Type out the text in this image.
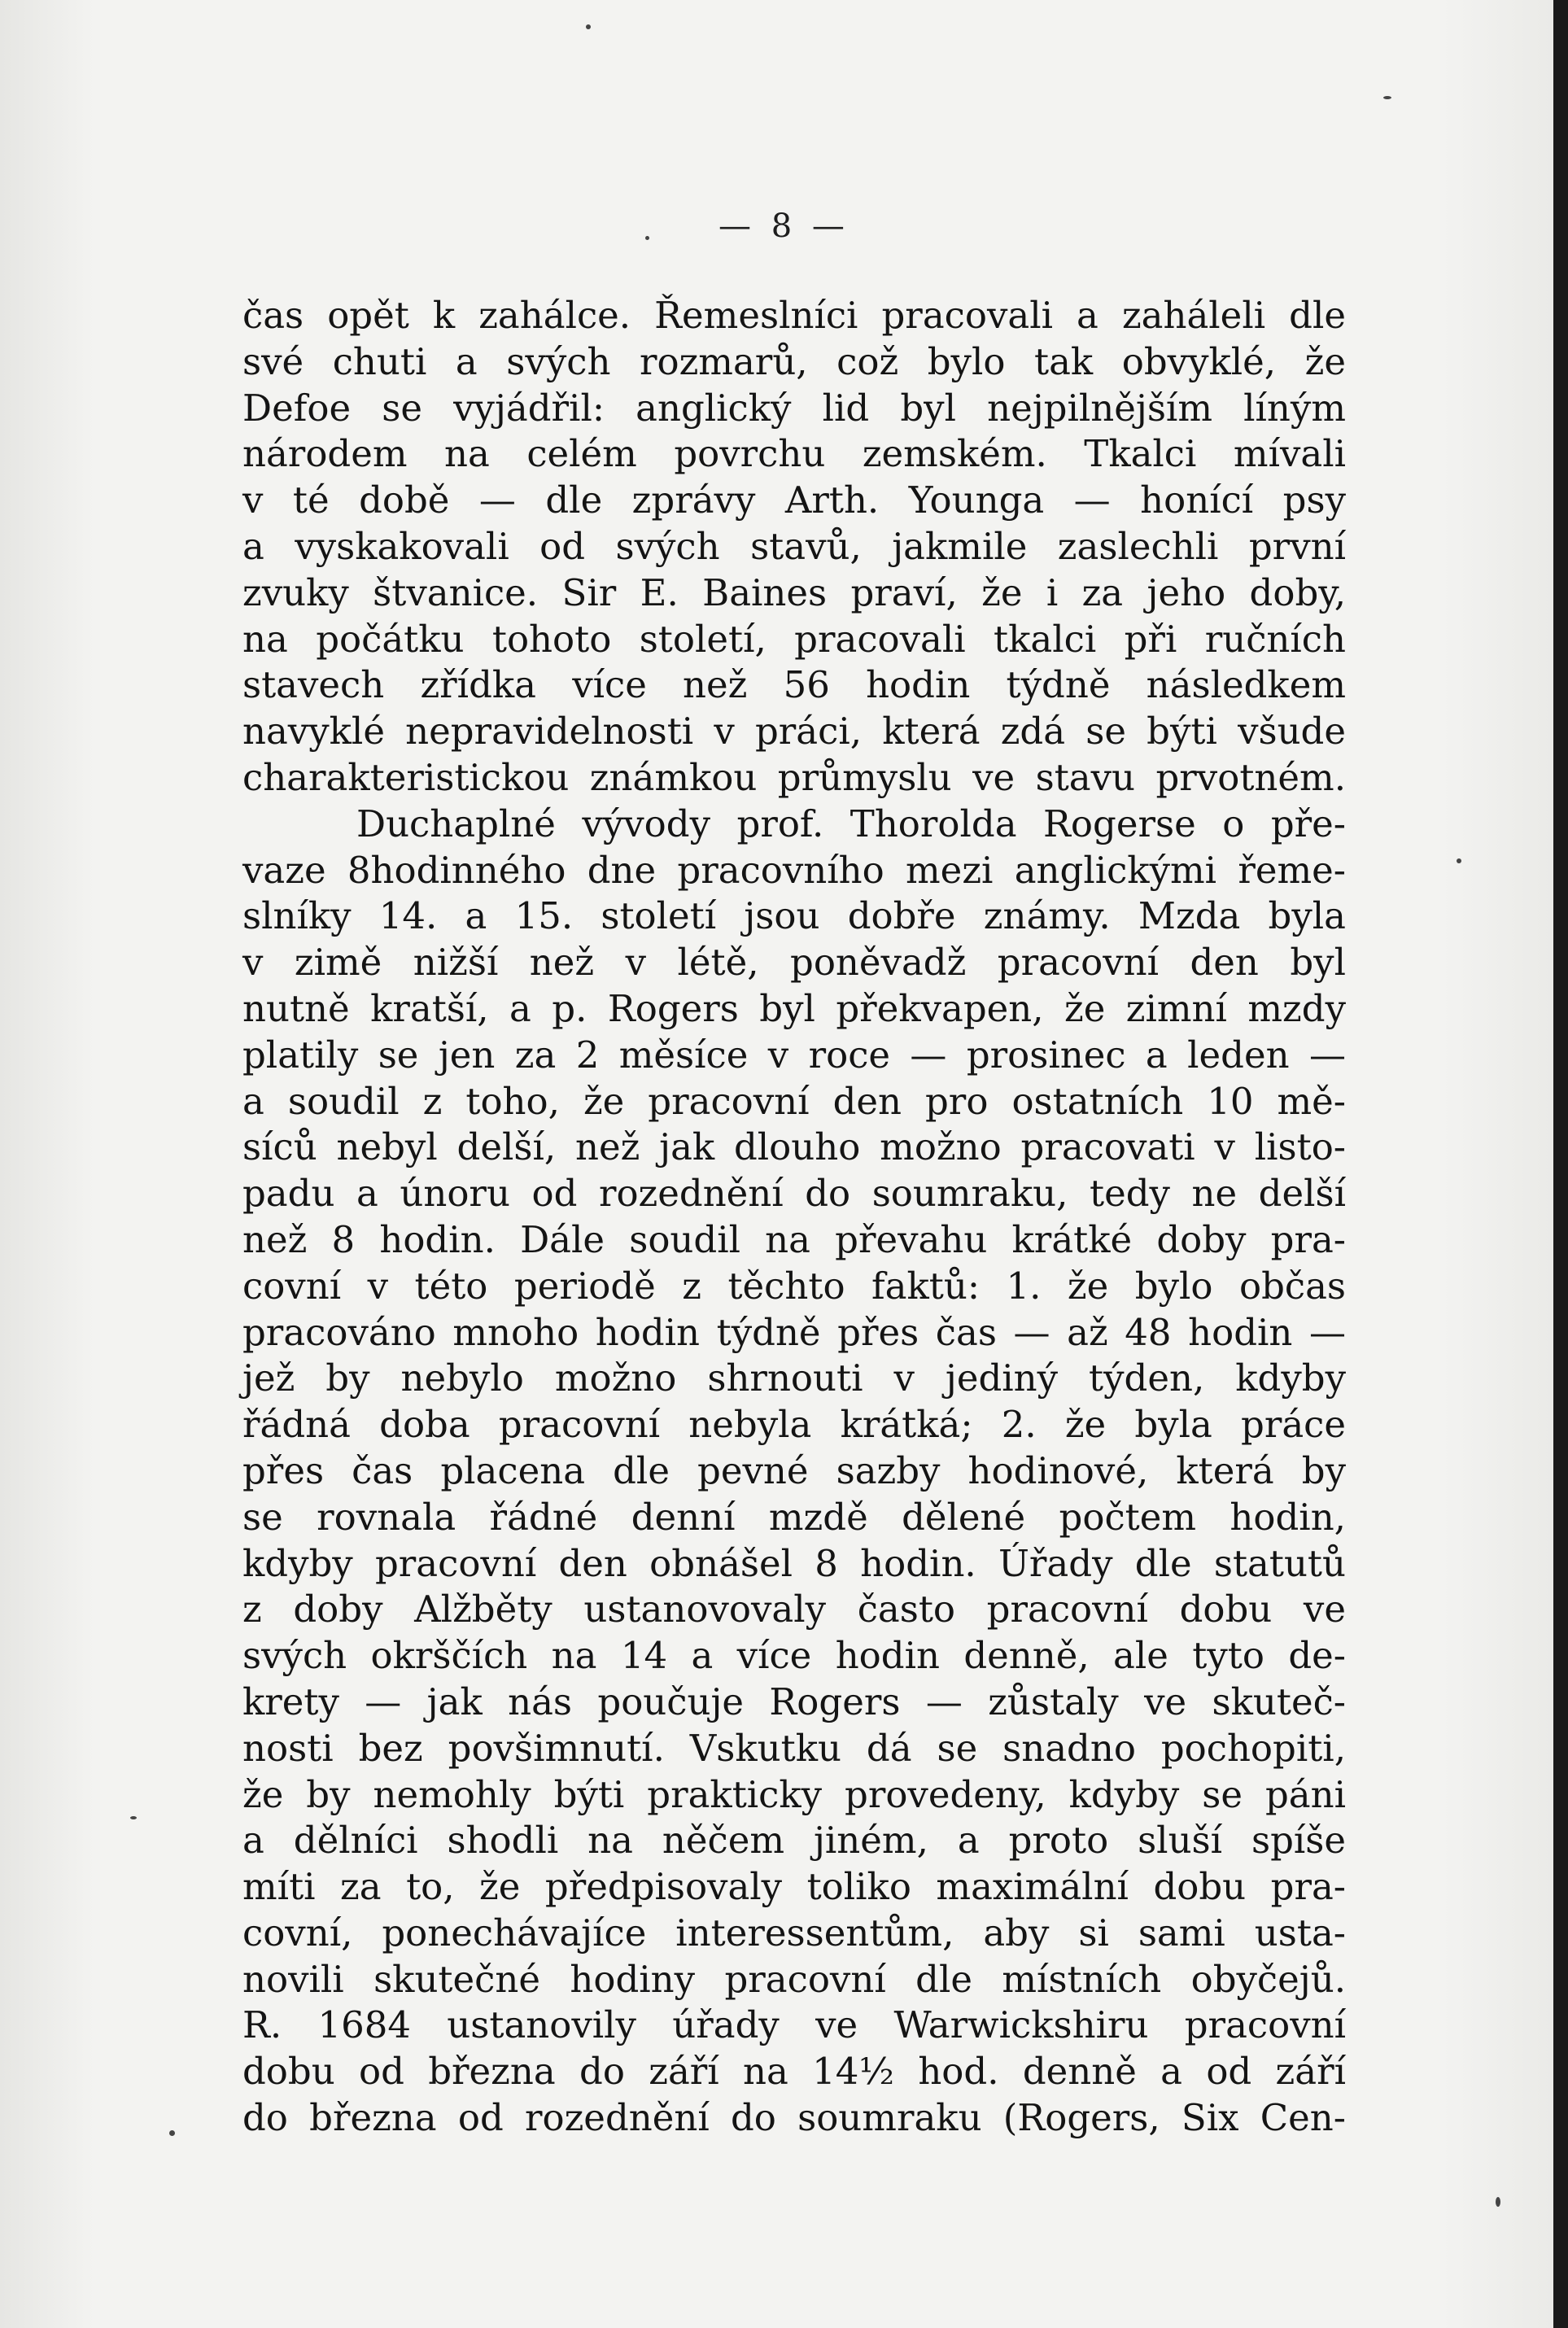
— 8 —
čas opět k zahálce. Řemeslníci pracovali a zaháleli dle
své chuti a svých rozmarů, což bylo tak obvyklé, že
Defoe se vyjádřil: anglický lid byl nejpilnějším líným
národem na celém povrchu zemském. Tkalci mívali
v té době — dle zprávy Arth. Younga — honící psy
a vyskakovali od svých stavů, jakmile zaslechli první
zvuky štvanice. Sir E. Baines praví, že i za jeho doby,
na počátku tohoto století, pracovali tkalci při ručních
stavech zřídka více než 56 hodin týdně následkem
navyklé nepravidelnosti v práci, která zdá se býti všude
charakteristickou známkou průmyslu ve stavu prvotném.
Duchaplné vývody prof. Thorolda Rogerse o pře-
vaze 8hodinného dne pracovního mezi anglickými řeme-
slníky 14. a 15. století jsou dobře známy. Mzda byla
v zimě nižší než v létě, poněvadž pracovní den byl
nutně kratší, a p. Rogers byl překvapen, že zimní mzdy
platily se jen za 2 měsíce v roce — prosinec a leden —
a soudil z toho, že pracovní den pro ostatních 10 mě-
síců nebyl delší, než jak dlouho možno pracovati v listo-
padu a únoru od rozednění do soumraku, tedy ne delší
než 8 hodin. Dále soudil na převahu krátké doby pra-
covní v této periodě z těchto faktů: 1. že bylo občas
pracováno mnoho hodin týdně přes čas — až 48 hodin —
jež by nebylo možno shrnouti v jediný týden, kdyby
řádná doba pracovní nebyla krátká; 2. že byla práce
přes čas placena dle pevné sazby hodinové, která by
se rovnala řádné denní mzdě dělené počtem hodin,
kdyby pracovní den obnášel 8 hodin. Úřady dle statutů
z doby Alžběty ustanovovaly často pracovní dobu ve
svých okrščích na 14 a více hodin denně, ale tyto de-
krety — jak nás poučuje Rogers — zůstaly ve skuteč-
nosti bez povšimnutí. Vskutku dá se snadno pochopiti,
že by nemohly býti prakticky provedeny, kdyby se páni
a dělníci shodli na něčem jiném, a proto sluší spíše
míti za to, že předpisovaly toliko maximální dobu pra-
covní, ponechávajíce interessentům, aby si sami usta-
novili skutečné hodiny pracovní dle místních obyčejů.
R. 1684 ustanovily úřady ve Warwickshiru pracovní
dobu od března do září na 14½ hod. denně a od září
do března od rozednění do soumraku (Rogers, Six Cen-
